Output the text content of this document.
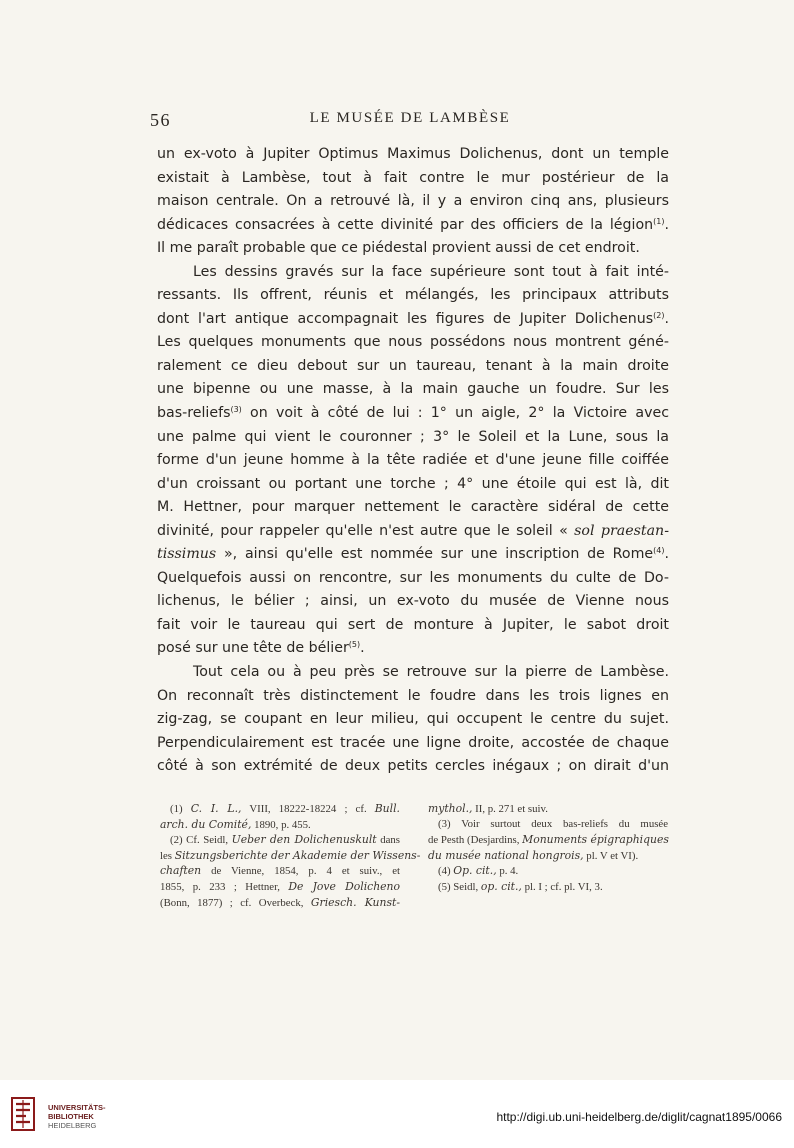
56	LE MUSÉE DE LAMBÈSE
un ex-voto à Jupiter Optimus Maximus Dolichenus, dont un temple
existait à Lambèse, tout à fait contre le mur postérieur de la
maison centrale. On a retrouvé là, il y a environ cinq ans, plusieurs
dédicaces consacrées à cette divinité par des officiers de la légion$^{(1)}$.
Il me paraît probable que ce piédestal provient aussi de cet endroit.
Les dessins gravés sur la face supérieure sont tout à fait inté-
ressants. Ils offrent, réunis et mélangés, les principaux attributs
dont l'art antique accompagnait les figures de Jupiter Dolichenus$^{(2)}$.
Les quelques monuments que nous possédons nous montrent géné-
ralement ce dieu debout sur un taureau, tenant à la main droite
une bipenne ou une masse, à la main gauche un foudre. Sur les
bas-reliefs$^{(3)}$ on voit à côté de lui : 1° un aigle, 2° la Victoire avec
une palme qui vient le couronner ; 3° le Soleil et la Lune, sous la
forme d'un jeune homme à la tête radiée et d'une jeune fille coiffée
d'un croissant ou portant une torche ; 4° une étoile qui est là, dit
M. Hettner, pour marquer nettement le caractère sidéral de cette
divinité, pour rappeler qu'elle n'est autre que le soleil « sol praestan-
tissimus », ainsi qu'elle est nommée sur une inscription de Rome$^{(4)}$.
Quelquefois aussi on rencontre, sur les monuments du culte de Do-
lichenus, le bélier ; ainsi, un ex-voto du musée de Vienne nous
fait voir le taureau qui sert de monture à Jupiter, le sabot droit
posé sur une tête de bélier$^{(5)}$.
Tout cela ou à peu près se retrouve sur la pierre de Lambèse.
On reconnaît très distinctement le foudre dans les trois lignes en
zig-zag, se coupant en leur milieu, qui occupent le centre du sujet.
Perpendiculairement est tracée une ligne droite, accostée de chaque
côté à son extrémité de deux petits cercles inégaux ; on dirait d'un
(1) C. I. L., VIII, 18222-18224 ; cf. Bull.
arch. du Comité, 1890, p. 455.
(2) Cf. Seidl, Ueber den Dolichenuskult dans
les Sitzungsberichte der Akademie der Wissens-
chaften de Vienne, 1854, p. 4 et suiv., et
1855, p. 233 ; Hettner, De Jove Dolicheno
(Bonn, 1877) ; cf. Overbeck, Griesch. Kunst-
mythol., II, p. 271 et suiv.
(3) Voir surtout deux bas-reliefs du musée
de Pesth (Desjardins, Monuments épigraphiques
du musée national hongrois, pl. V et VI).
(4) Op. cit., p. 4.
(5) Seidl, op. cit., pl. I ; cf. pl. VI, 3.
UNIVERSITÄTS-
BIBLIOTHEK
HEIDELBERG
http://digi.ub.uni-heidelberg.de/diglit/cagnat1895/0066
